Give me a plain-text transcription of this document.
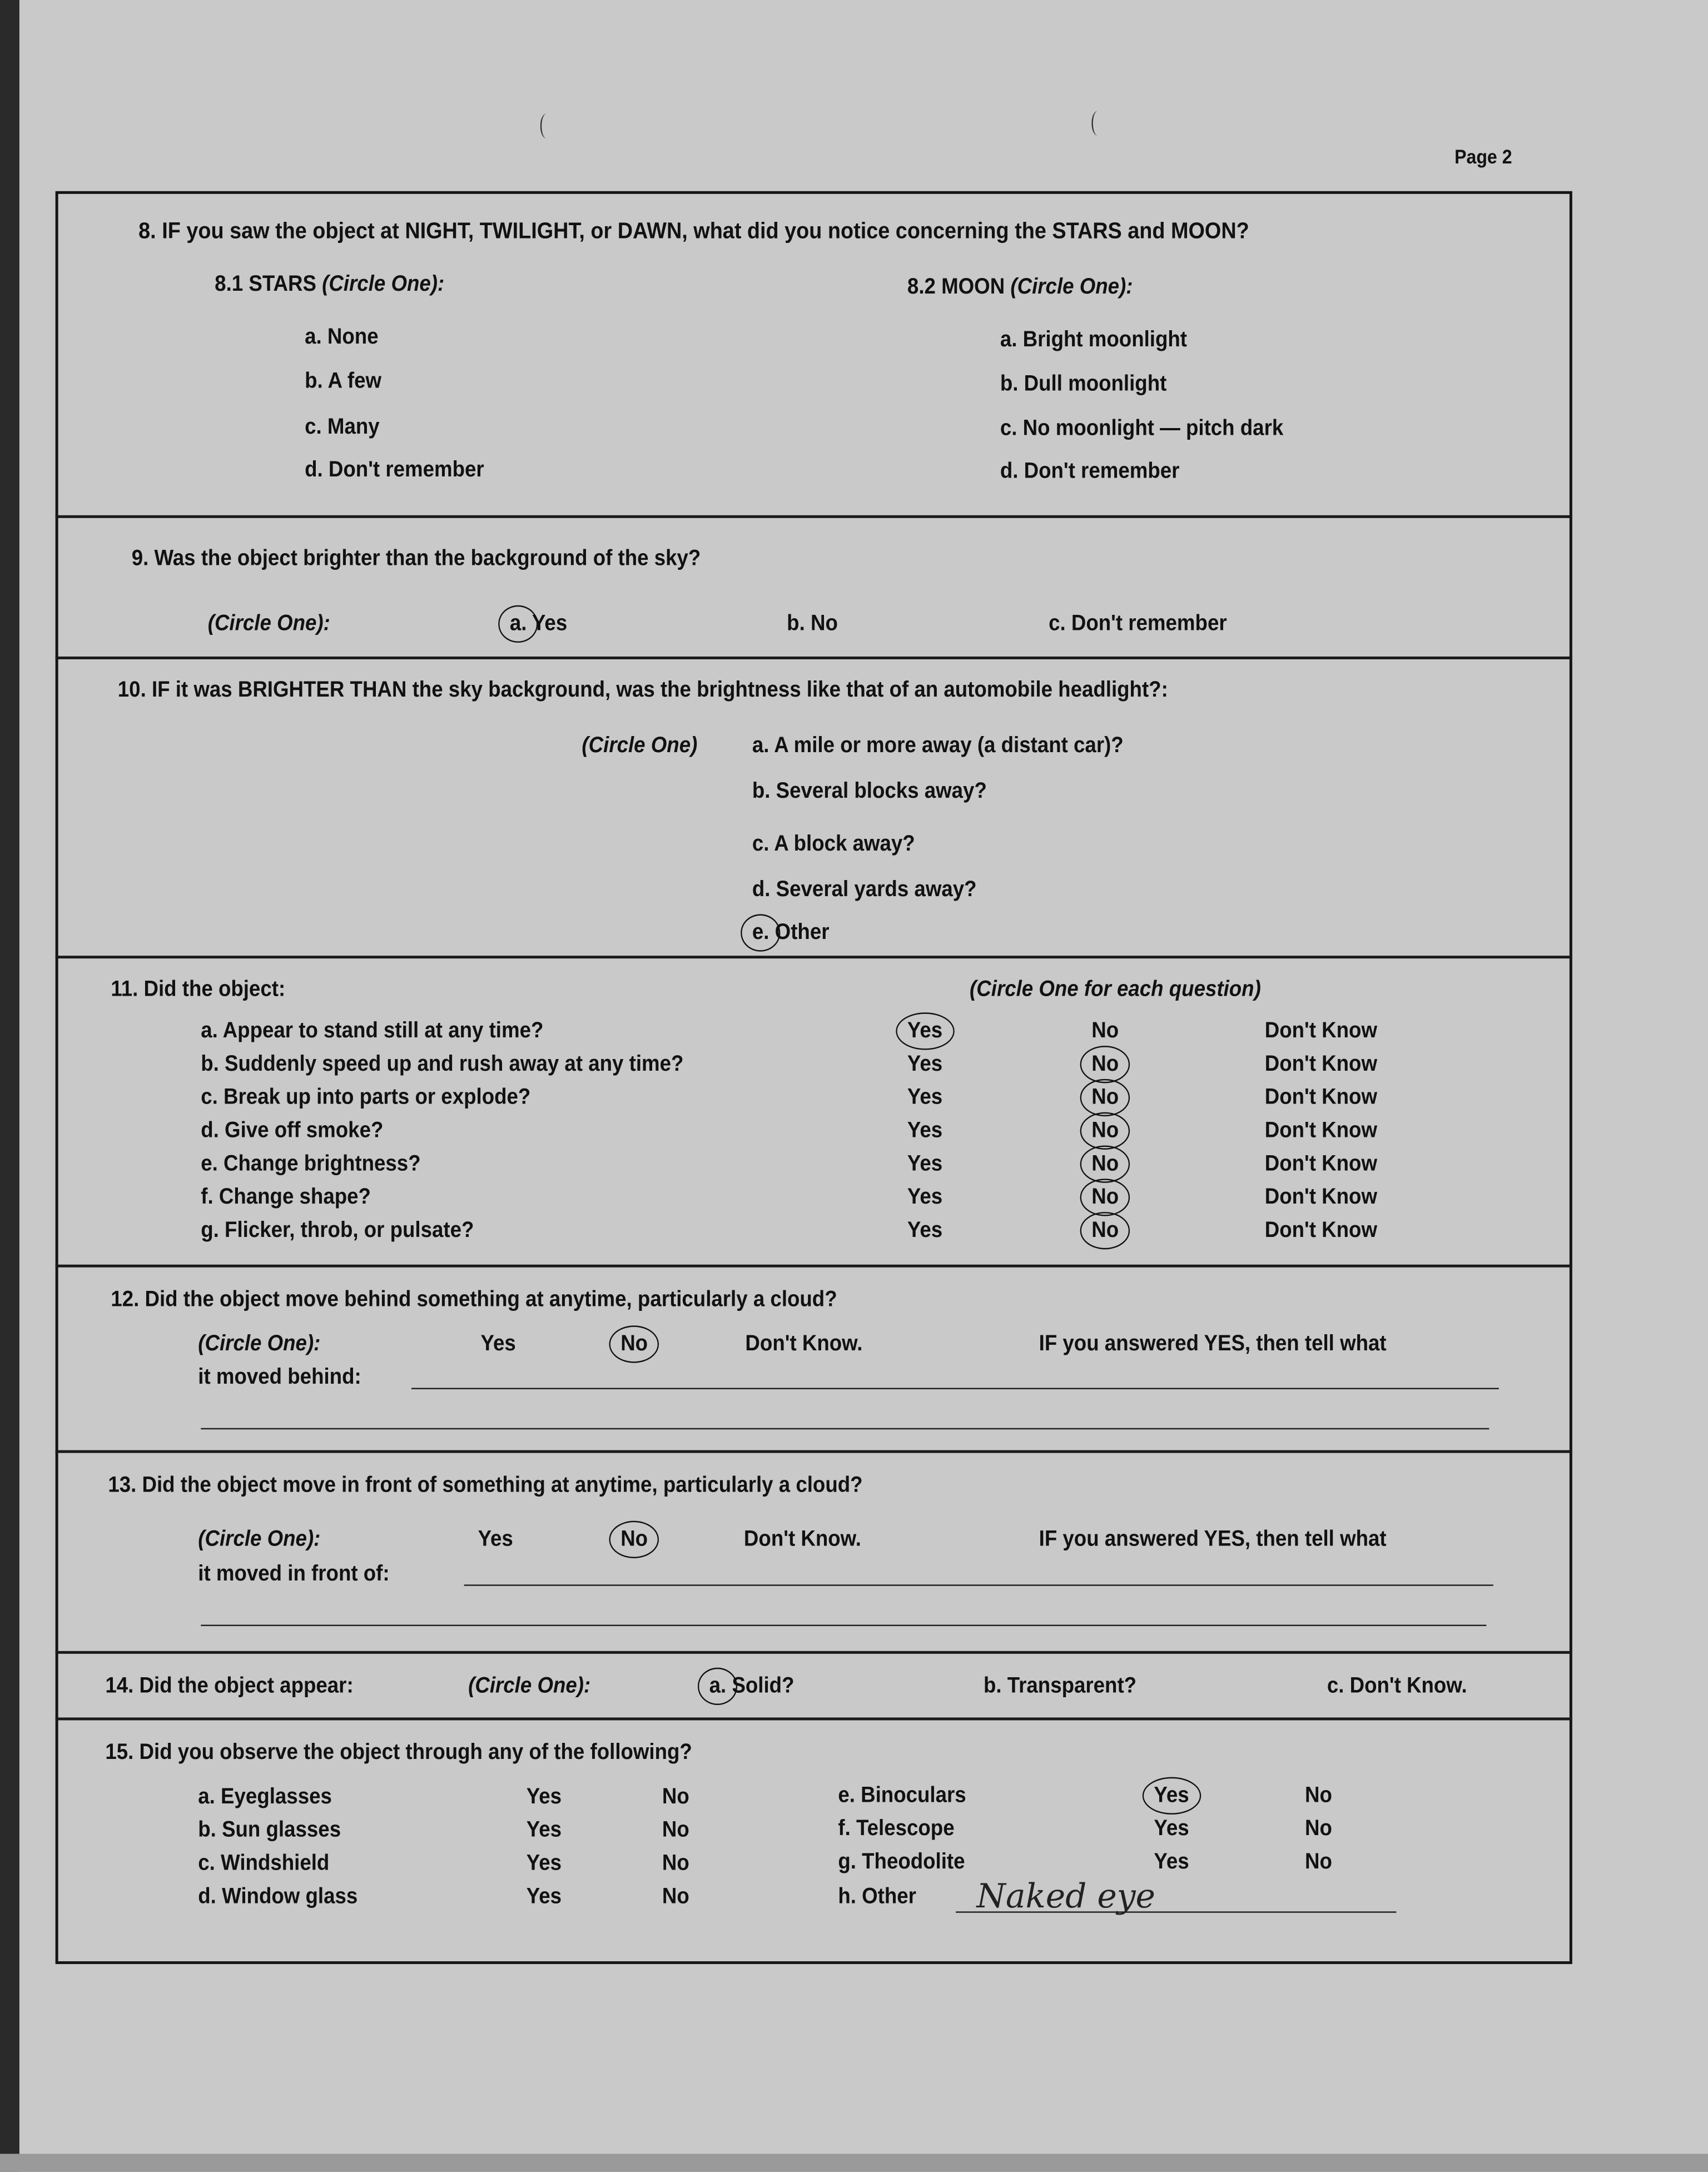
Page 2
8. IF you saw the object at NIGHT, TWILIGHT, or DAWN, what did you notice concerning the STARS and MOON?
8.1 STARS (Circle One):
a. None
b. A few
c. Many
d. Don't remember
8.2 MOON (Circle One):
a. Bright moonlight
b. Dull moonlight
c. No moonlight — pitch dark
d. Don't remember
9. Was the object brighter than the background of the sky?
(Circle One):	a. Yes	b. No	c. Don't remember
10. IF it was BRIGHTER THAN the sky background, was the brightness like that of an automobile headlight?:
(Circle One)	a. A mile or more away (a distant car)?
b. Several blocks away?
c. A block away?
d. Several yards away?
e. Other
11. Did the object:	(Circle One for each question)
a. Appear to stand still at any time?	Yes	No	Don't Know
b. Suddenly speed up and rush away at any time?	Yes	No	Don't Know
c. Break up into parts or explode?	Yes	No	Don't Know
d. Give off smoke?	Yes	No	Don't Know
e. Change brightness?	Yes	No	Don't Know
f. Change shape?	Yes	No	Don't Know
g. Flicker, throb, or pulsate?	Yes	No	Don't Know
12. Did the object move behind something at anytime, particularly a cloud?
(Circle One):	Yes	No	Don't Know.	IF you answered YES, then tell what
it moved behind:
13. Did the object move in front of something at anytime, particularly a cloud?
(Circle One):	Yes	No	Don't Know.	IF you answered YES, then tell what
it moved in front of:
14. Did the object appear:	(Circle One):	a. Solid?	b. Transparent?	c. Don't Know.
15. Did you observe the object through any of the following?
a. Eyeglasses	Yes	No
b. Sun glasses	Yes	No
c. Windshield	Yes	No
d. Window glass	Yes	No
e. Binoculars	Yes	No
f. Telescope	Yes	No
g. Theodolite	Yes	No
h. Other	Naked eye
